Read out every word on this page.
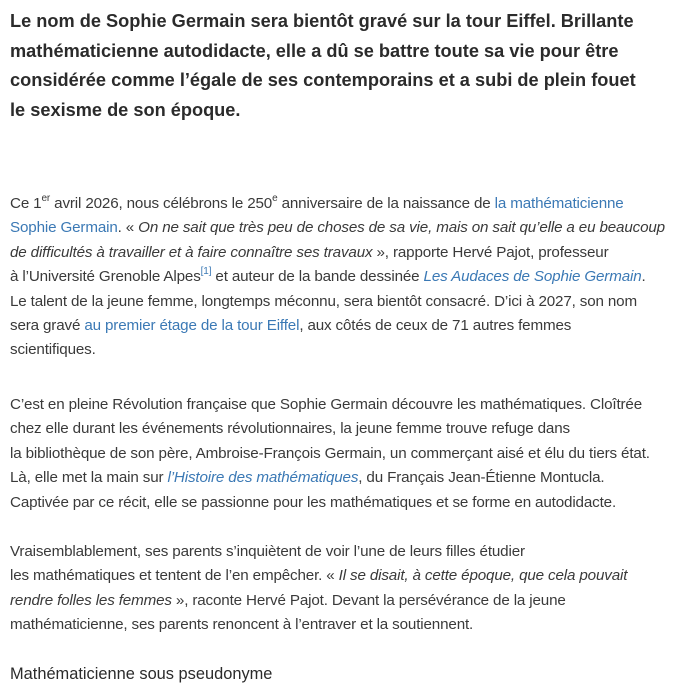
Le nom de Sophie Germain sera bientôt gravé sur la tour Eiffel. Brillante
mathématicienne autodidacte, elle a dû se battre toute sa vie pour être
considérée comme l’égale de ses contemporains et a subi de plein fouet
le sexisme de son époque.

Ce 1er avril 2026, nous célébrons le 250e anniversaire de la naissance de la mathématicienne
Sophie Germain. « On ne sait que très peu de choses de sa vie, mais on sait qu’elle a eu beaucoup
de difficultés à travailler et à faire connaître ses travaux », rapporte Hervé Pajot, professeur
à l’Université Grenoble Alpes[1] et auteur de la bande dessinée Les Audaces de Sophie Germain.
Le talent de la jeune femme, longtemps méconnu, sera bientôt consacré. D’ici à 2027, son nom
sera gravé au premier étage de la tour Eiffel, aux côtés de ceux de 71 autres femmes
scientifiques.

C’est en pleine Révolution française que Sophie Germain découvre les mathématiques. Cloîtrée
chez elle durant les événements révolutionnaires, la jeune femme trouve refuge dans
la bibliothèque de son père, Ambroise-François Germain, un commerçant aisé et élu du tiers état.
Là, elle met la main sur l’Histoire des mathématiques, du Français Jean-Étienne Montucla.
Captivée par ce récit, elle se passionne pour les mathématiques et se forme en autodidacte.

Vraisemblablement, ses parents s’inquiètent de voir l’une de leurs filles étudier
les mathématiques et tentent de l’en empêcher. « Il se disait, à cette époque, que cela pouvait
rendre folles les femmes », raconte Hervé Pajot. Devant la persévérance de la jeune
mathématicienne, ses parents renoncent à l’entraver et la soutiennent.

Mathématicienne sous pseudonyme
